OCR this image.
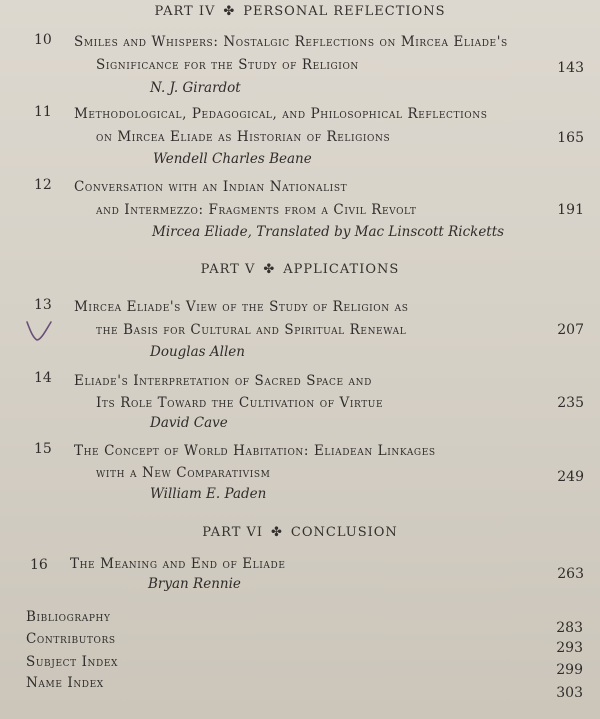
PART IV ✤ PERSONAL REFLECTIONS
10 Smiles and Whispers: Nostalgic Reflections on Mircea Eliade's
Significance for the Study of Religion
N. J. Girardot
143
11 Methodological, Pedagogical, and Philosophical Reflections
on Mircea Eliade as Historian of Religions
Wendell Charles Beane
165
12 Conversation with an Indian Nationalist
and Intermezzo: Fragments from a Civil Revolt
Mircea Eliade, Translated by Mac Linscott Ricketts
191
PART V ✤ APPLICATIONS
13 Mircea Eliade's View of the Study of Religion as
the Basis for Cultural and Spiritual Renewal
Douglas Allen
207
14 Eliade's Interpretation of Sacred Space and
Its Role Toward the Cultivation of Virtue
David Cave
235
15 The Concept of World Habitation: Eliadean Linkages
with a New Comparativism
William E. Paden
249
PART VI ✤ CONCLUSION
16 The Meaning and End of Eliade
Bryan Rennie
263
Bibliography
283
Contributors
293
Subject Index	299
Name Index
303
